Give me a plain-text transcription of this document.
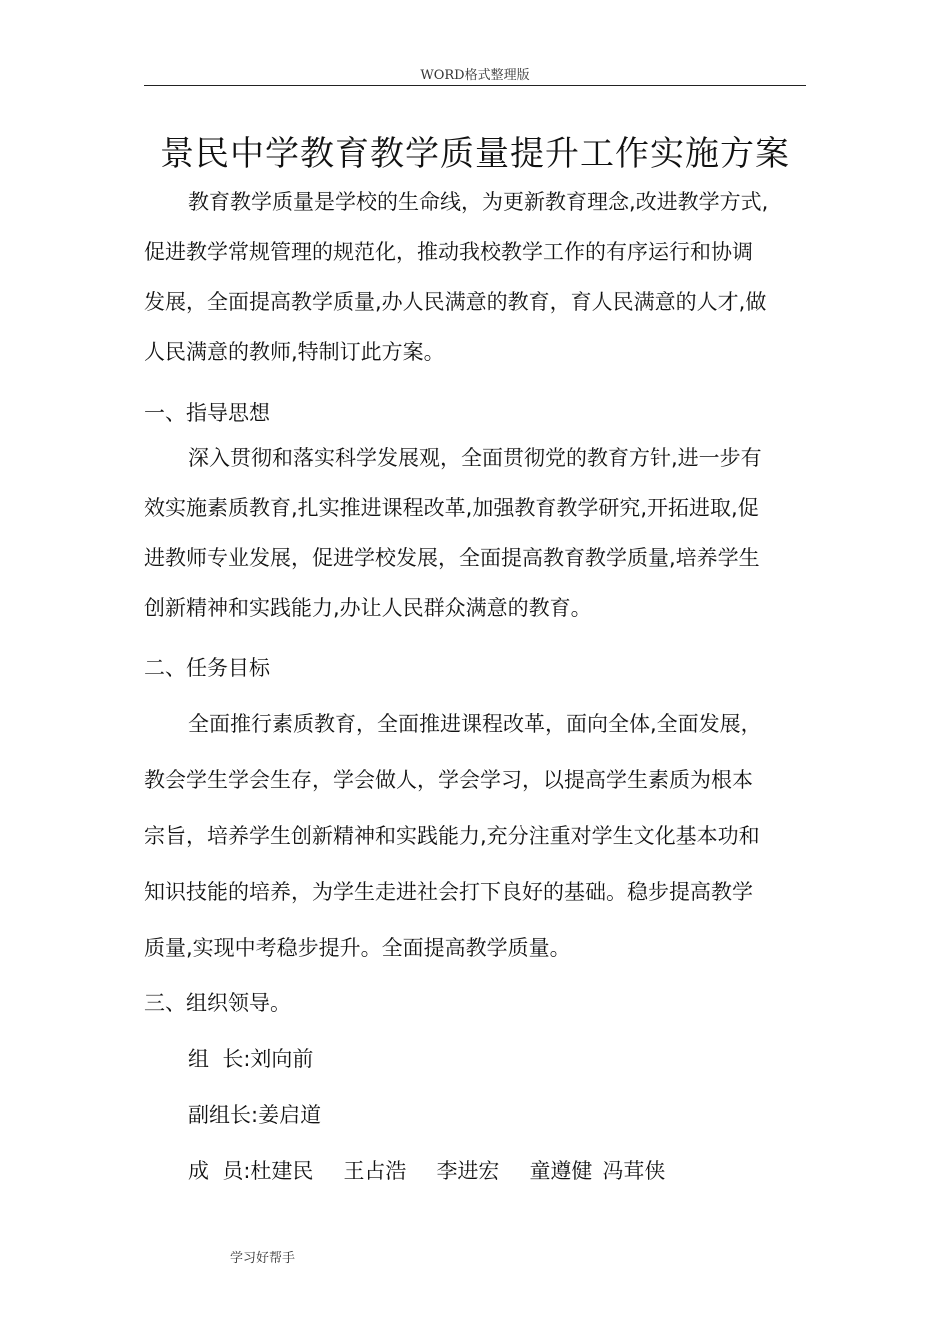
WORD格式整理版
景民中学教育教学质量提升工作实施方案
教育教学质量是学校的生命线，为更新教育理念,改进教学方式,
促进教学常规管理的规范化，推动我校教学工作的有序运行和协调
发展，全面提高教学质量,办人民满意的教育，育人民满意的人才,做
人民满意的教师,特制订此方案。
一、指导思想
深入贯彻和落实科学发展观，全面贯彻党的教育方针,进一步有
效实施素质教育,扎实推进课程改革,加强教育教学研究,开拓进取,促
进教师专业发展，促进学校发展，全面提高教育教学质量,培养学生
创新精神和实践能力,办让人民群众满意的教育。
二、任务目标
全面推行素质教育，全面推进课程改革，面向全体,全面发展，
教会学生学会生存，学会做人，学会学习，以提高学生素质为根本
宗旨，培养学生创新精神和实践能力,充分注重对学生文化基本功和
知识技能的培养，为学生走进社会打下良好的基础。稳步提高教学
质量,实现中考稳步提升。全面提高教学质量。
三、组织领导。
组  长:刘向前
副组长:姜启道
成  员:杜建民 王占浩 李进宏 童遵健 冯茸侠
学习好帮手
